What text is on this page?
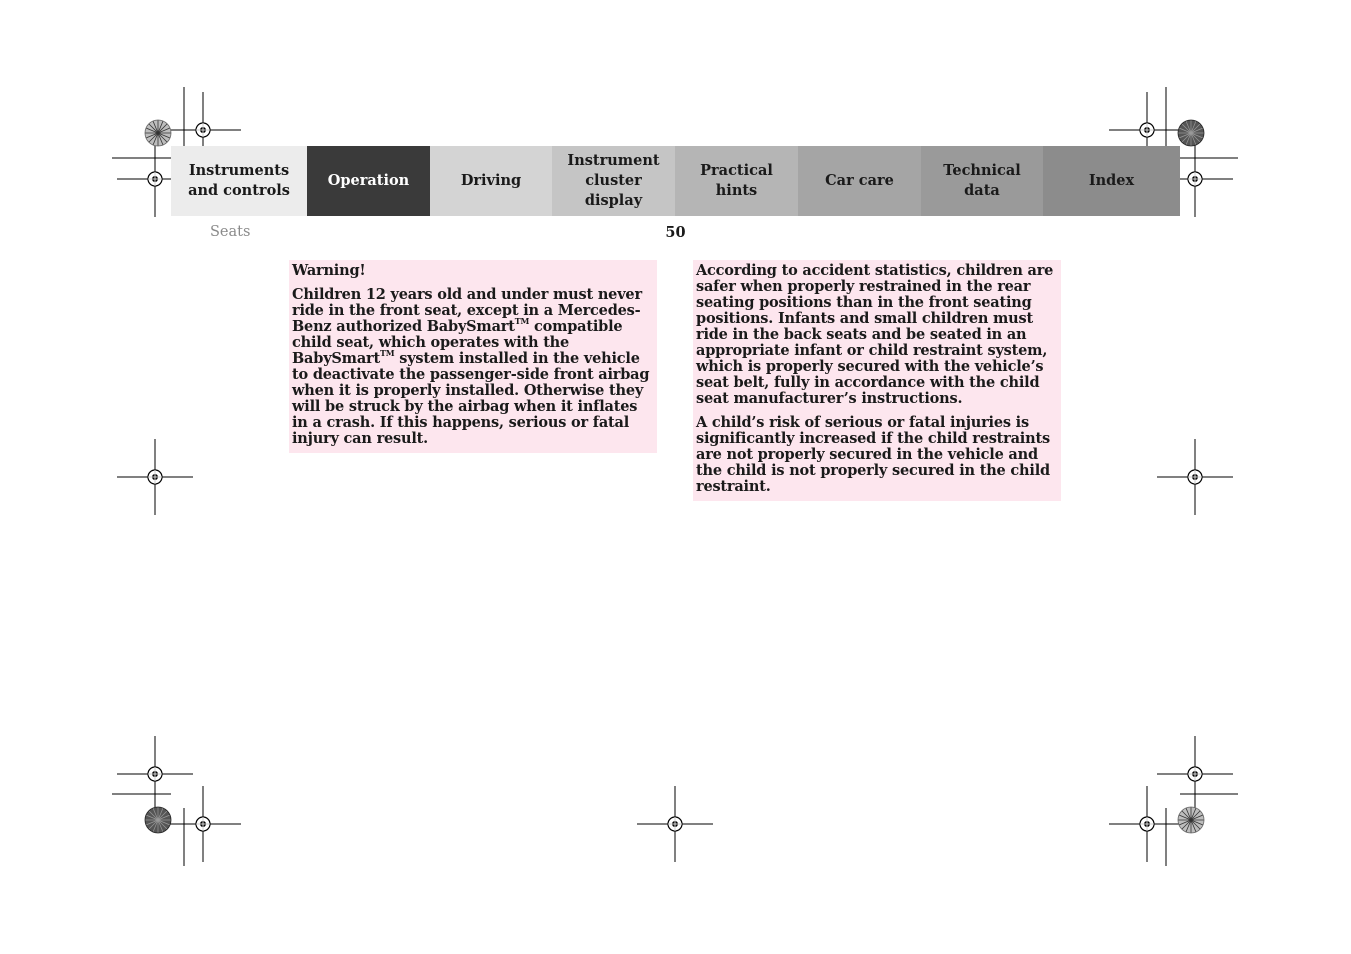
Instruments
and controls
Operation	Driving
Instrument
cluster display
Practical hints
Car care
Technical
data
Index
Seats	50

Warning!

Children 12 years old and under must never ride in the front seat, except in a Mercedes-Benz authorized BabySmart™ compatible child seat, which operates with the BabySmart™ system installed in the vehicle to deactivate the passenger-side front airbag when it is properly installed. Otherwise they will be struck by the airbag when it inflates in a crash. If this happens, serious or fatal injury can result.

According to accident statistics, children are safer when properly restrained in the rear seating positions than in the front seating positions. Infants and small children must ride in the back seats and be seated in an appropriate infant or child restraint system, which is properly secured with the vehicle’s seat belt, fully in accordance with the child seat manufacturer’s instructions.

A child’s risk of serious or fatal injuries is significantly increased if the child restraints are not properly secured in the vehicle and the child is not properly secured in the child restraint.
